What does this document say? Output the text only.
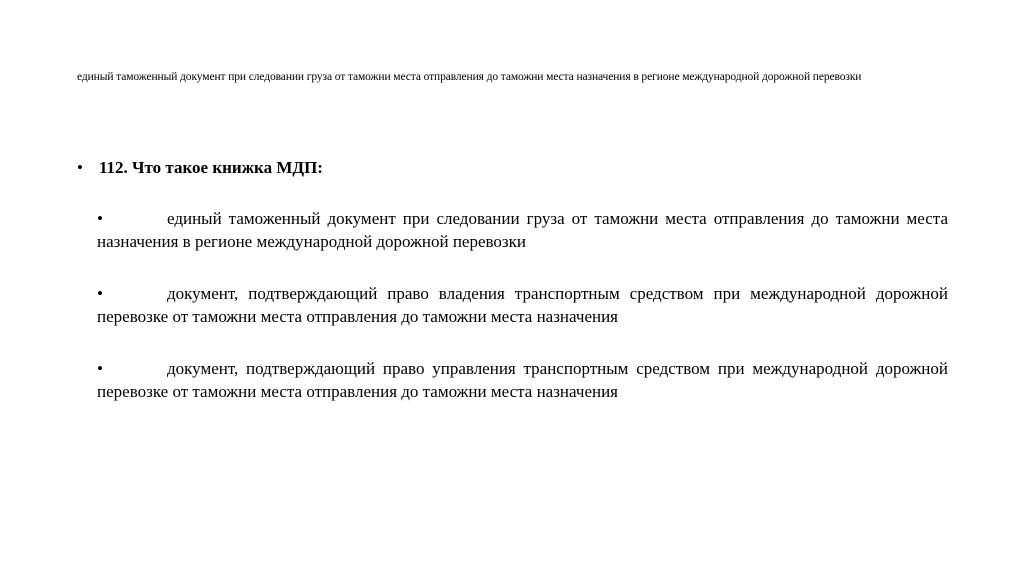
единый таможенный документ при следовании груза от таможни места отправления до таможни места назначения в регионе международной дорожной перевозки
• 112. Что такое книжка МДП:
•	единый таможенный документ при следовании груза от таможни места отправления до таможни места назначения в регионе международной дорожной перевозки
•	документ, подтверждающий право владения транспортным средством при международной дорожной перевозке от таможни места отправления до таможни места назначения
•	документ, подтверждающий право управления транспортным средством при международной дорожной перевозке от таможни места отправления до таможни места назначения
